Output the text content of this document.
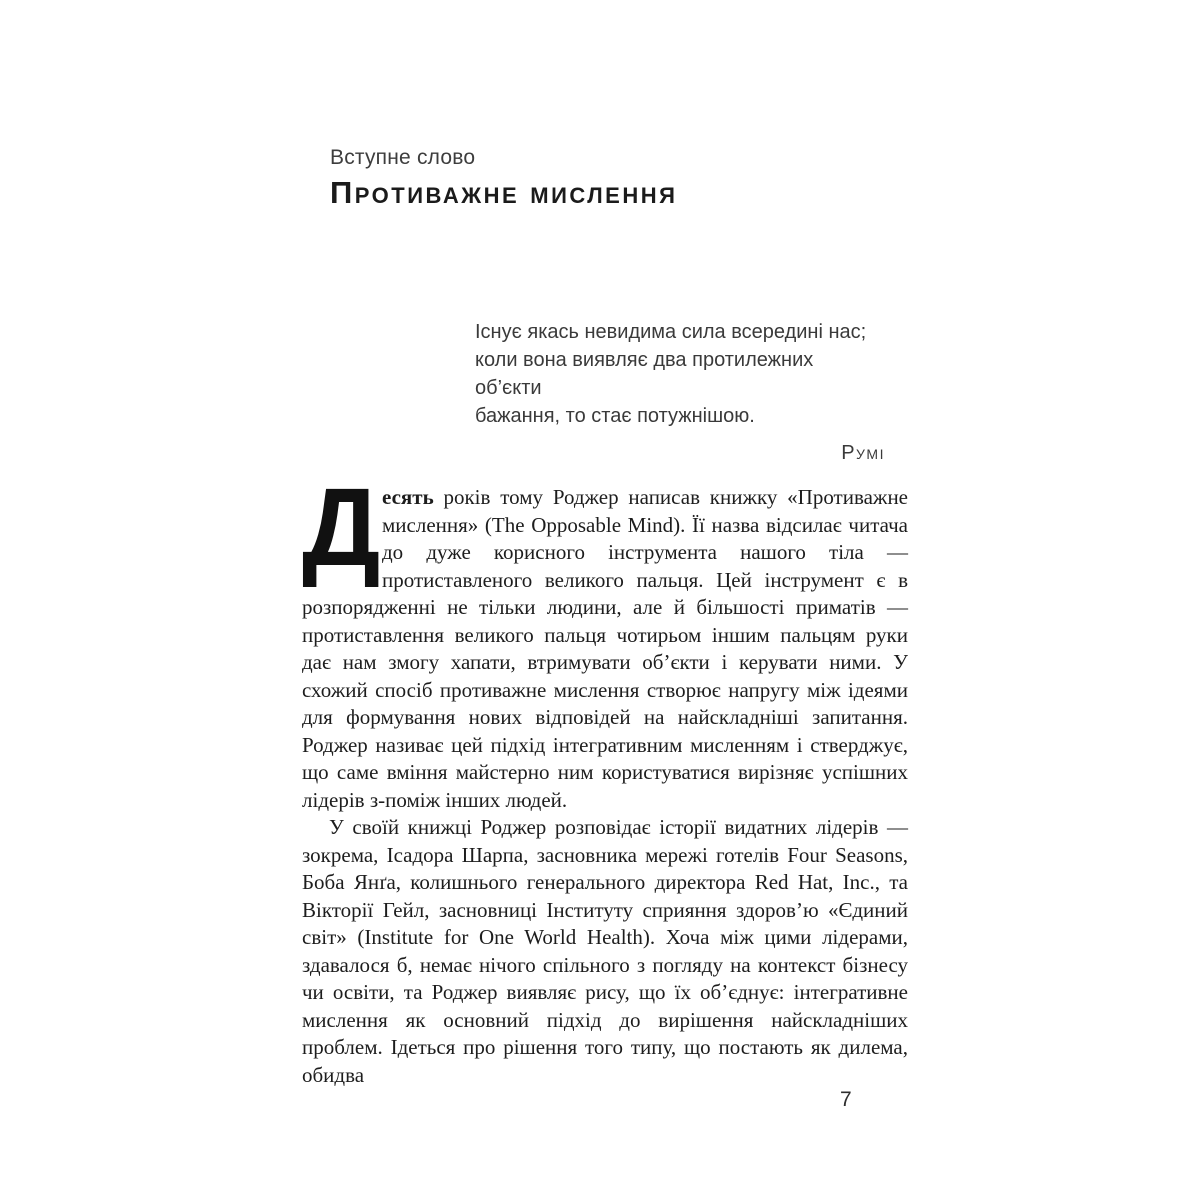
Вступне слово
Противажне мислення
Існує якась невидима сила всередині нас;
коли вона виявляє два протилежних об’єкти
бажання, то стає потужнішою.
Румі

Десять років тому Роджер написав книжку «Противажне мислення» (The Opposable Mind). Її назва відсилає читача до дуже корисного інструмента нашого тіла — протиставленого великого пальця. Цей інструмент є в розпорядженні не тільки людини, але й більшості приматів — протиставлення великого пальця чотирьом іншим пальцям руки дає нам змогу хапати, втримувати об’єкти і керувати ними. У схожий спосіб противажне мислення створює напругу між ідеями для формування нових відповідей на найскладніші запитання. Роджер називає цей підхід інтегративним мисленням і стверджує, що саме вміння майстерно ним користуватися вирізняє успішних лідерів з-поміж інших людей.

У своїй книжці Роджер розповідає історії видатних лідерів — зокрема, Ісадора Шарпа, засновника мережі готелів Four Seasons, Боба Янґа, колишнього генерального директора Red Hat, Inc., та Вікторії Гейл, засновниці Інституту сприяння здоров’ю «Єдиний світ» (Institute for One World Health). Хоча між цими лідерами, здавалося б, немає нічого спільного з погляду на контекст бізнесу чи освіти, та Роджер виявляє рису, що їх об’єднує: інтегративне мислення як основний підхід до вирішення найскладніших проблем. Ідеться про рішення того типу, що постають як дилема, обидва

7
